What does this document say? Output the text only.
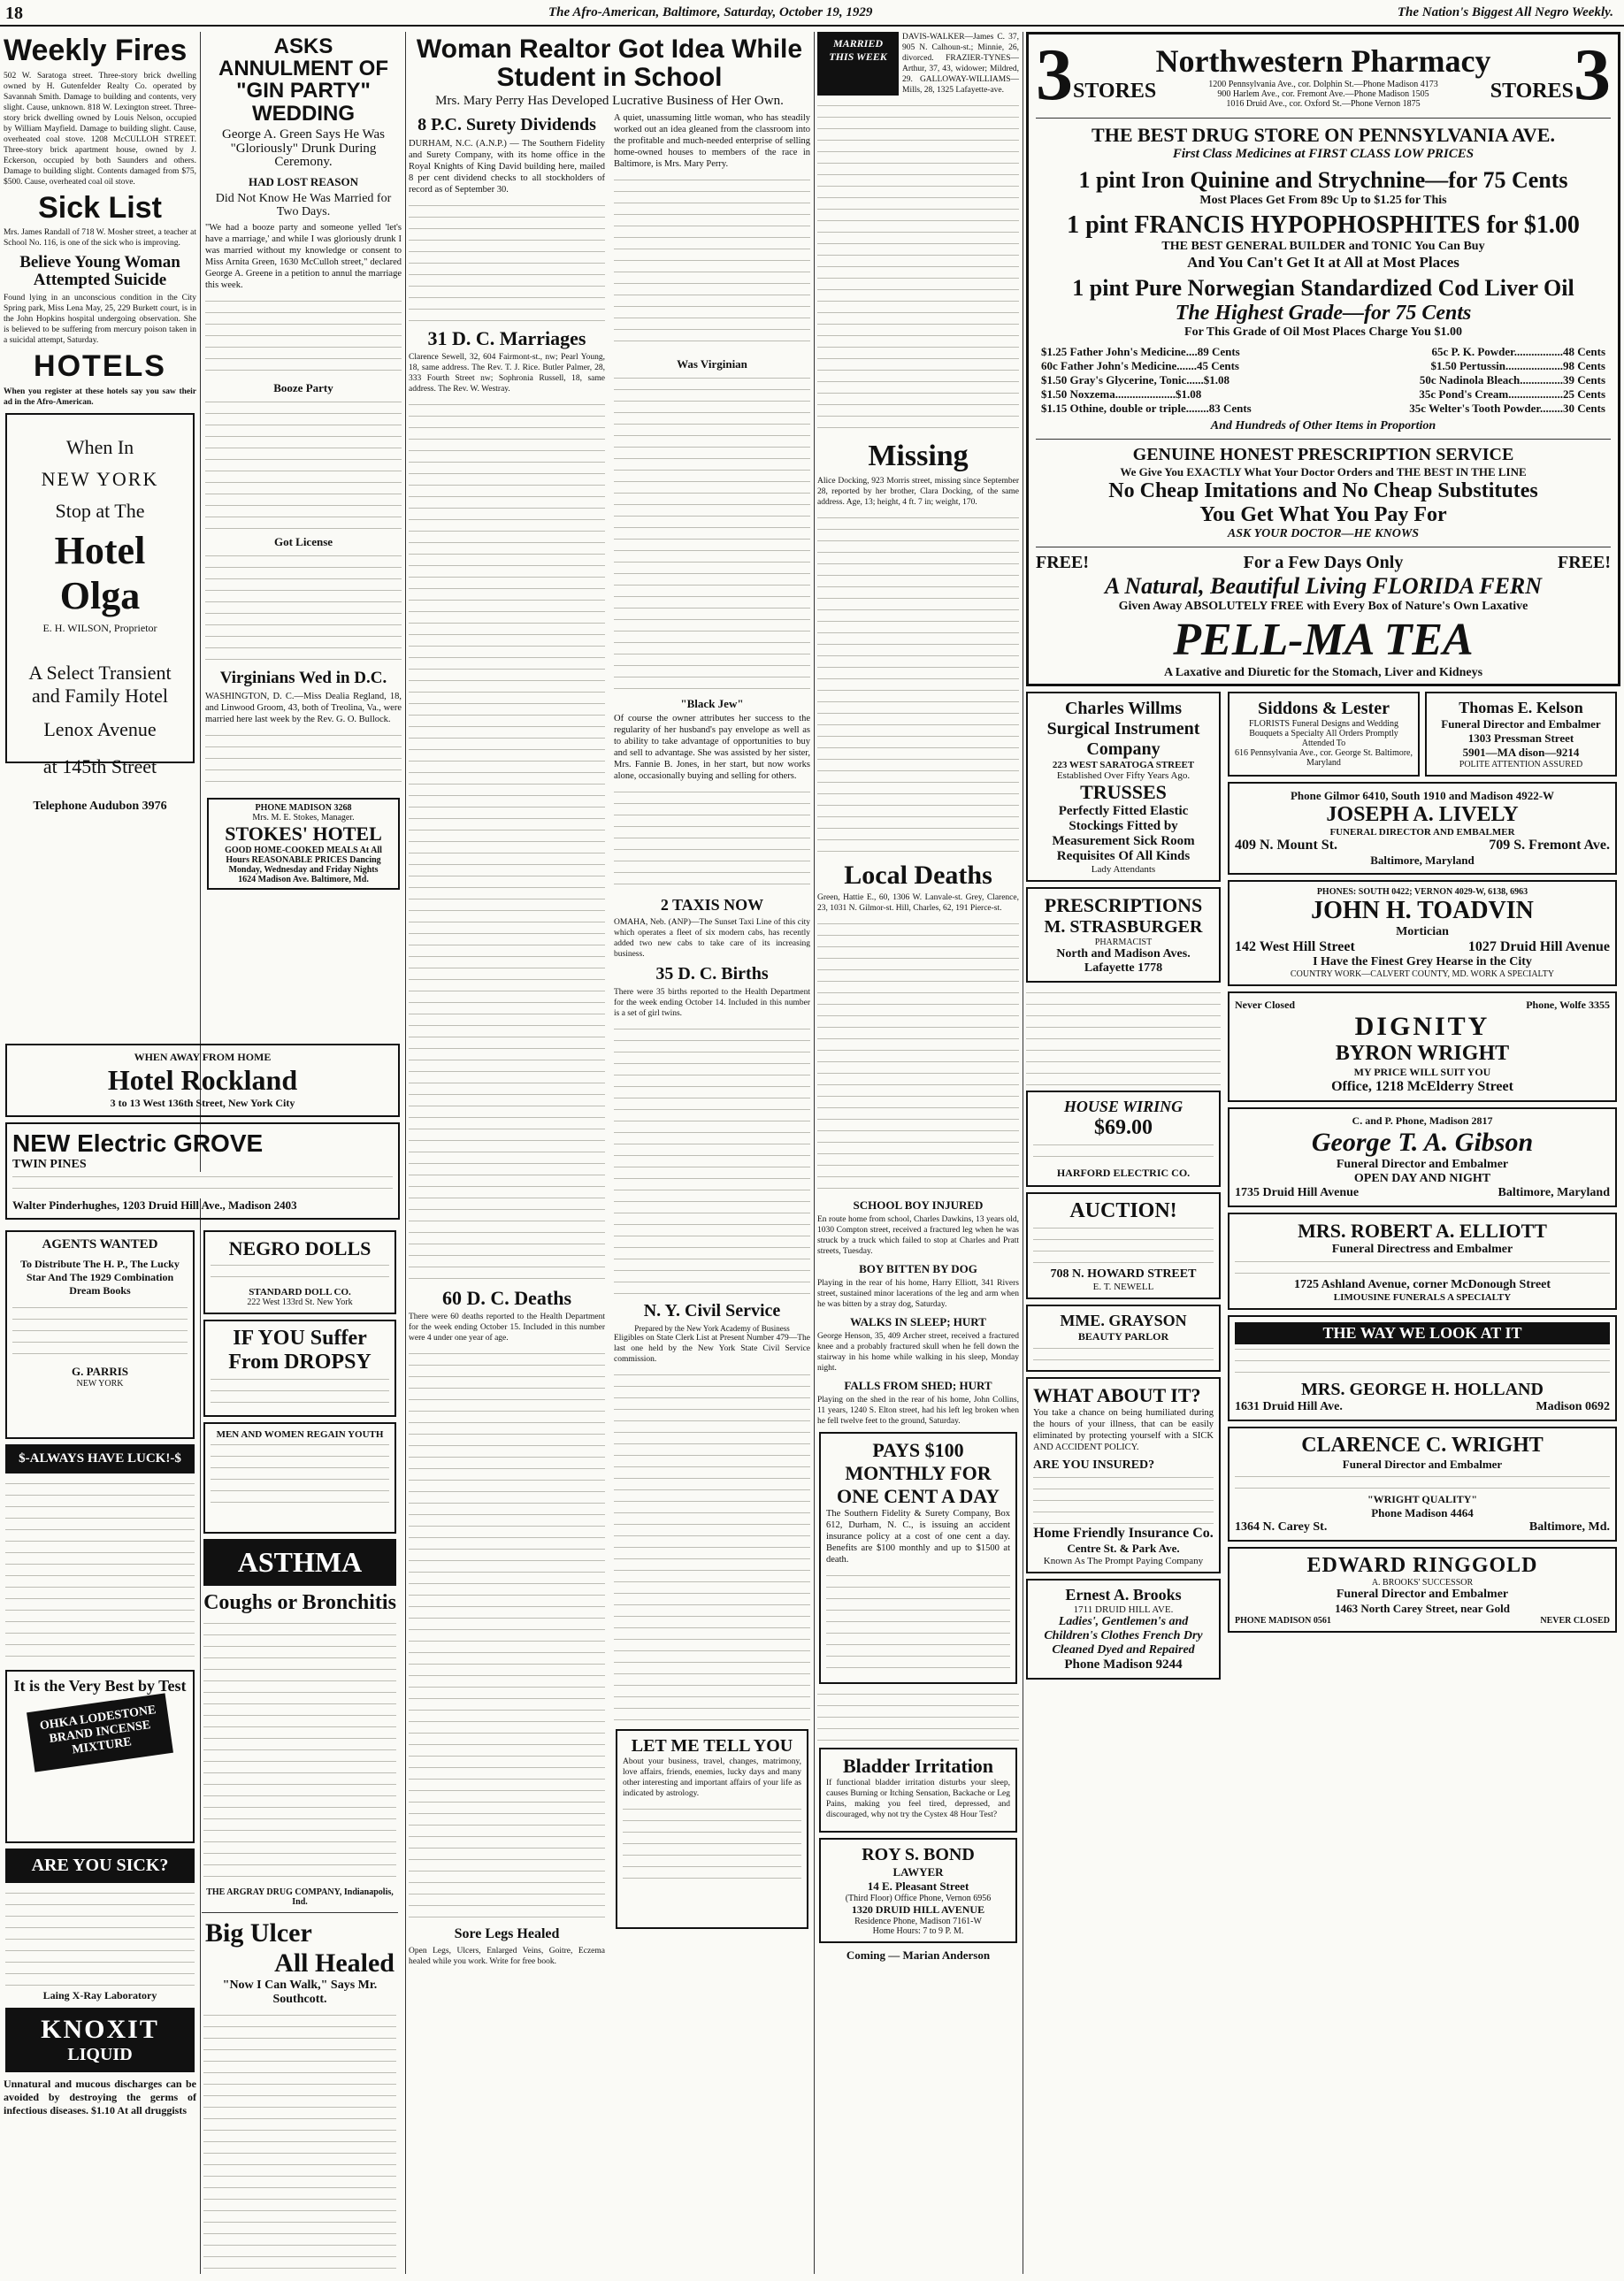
18	The Afro-American, Baltimore, Saturday, October 19, 1929	The Nation's Biggest All Negro Weekly.
Weekly Fires

502 W. Saratoga street. Three-story brick dwelling owned by H. Gutenfelder Realty Co. operated by Savannah Smith. Damage to building and contents, very slight. Cause, unknown. 818 W. Lexington street. Three-story brick dwelling owned by Louis Nelson, occupied by William Mayfield. Damage to building slight. Cause, overheated coal stove. 1208 McCULLOH STREET. Three-story brick apartment house, owned by J. Eckerson, occupied by both Saunders and others. Damage to building slight. Contents damaged from $75, $500. Cause, overheated coal oil stove.

Sick List

Mrs. James Randall of 718 W. Mosher street, a teacher at School No. 116, is one of the sick who is improving.

Believe Young Woman Attempted Suicide

Found lying in an unconscious condition in the City Spring park, Miss Lena May, 25, 229 Burkett court, is in the John Hopkins hospital undergoing observation. She is believed to be suffering from mercury poison taken in a suicidal attempt, Saturday.

HOTELS

When you register at these hotels say you saw their ad in the Afro-American.

When In
NEW YORK
Stop at The
Hotel Olga
E. H. WILSON, Proprietor
A Select Transient and Family Hotel
Lenox Avenue
at 145th Street
Telephone Audubon 3976
ASKS ANNULMENT OF "GIN PARTY" WEDDING
George A. Green Says He Was "Gloriously" Drunk During Ceremony.
HAD LOST REASON
Did Not Know He Was Married for Two Days.

"We had a booze party and someone yelled 'let's have a marriage,' and while I was gloriously drunk I was married without my knowledge or consent to Miss Arnita Green, 1630 McCulloh street," declared George A. Greene in a petition to annul the marriage this week.

Booze Party
Got License
Virginians Wed in D.C.

WASHINGTON, D. C.—Miss Dealia Regland, 18, and Linwood Groom, 43, both of Treolina, Va., were married here last week by the Rev. G. O. Bullock.

PHONE MADISON 3268
Mrs. M. E. Stokes, Manager.
STOKES' HOTEL
GOOD HOME-COOKED MEALS At All Hours REASONABLE PRICES Dancing Monday, Wednesday and Friday Nights
1624 Madison Ave. Baltimore, Md.
WHEN AWAY FROM HOME
Hotel Rockland
3 to 13 West 136th Street, New York City
NEW Electric GROVE
TWIN PINES
Walter Pinderhughes, 1203 Druid Hill Ave., Madison 2403
AGENTS WANTED
To Distribute The H. P., The Lucky Star And The 1929 Combination Dream Books
G. PARRIS
NEW YORK
$-ALWAYS HAVE LUCK!-$
It is the Very Best by Test
OHKA LODESTONE BRAND INCENSE MIXTURE
ARE YOU SICK?
Laing X-Ray Laboratory
KNOXIT
LIQUID

Unnatural and mucous discharges can be avoided by destroying the germs of infectious diseases. $1.10 At all druggists

NEGRO DOLLS
STANDARD DOLL CO.
222 West 133rd St. New York
IF YOU Suffer From DROPSY
MEN AND WOMEN REGAIN YOUTH
ASTHMA
Coughs or Bronchitis
THE ARGRAY DRUG COMPANY, Indianapolis, Ind.
Big Ulcer
All Healed
"Now I Can Walk," Says Mr. Southcott.
Woman Realtor Got Idea While Student in School
Mrs. Mary Perry Has Developed Lucrative Business of Her Own.
8 P.C. Surety Dividends

DURHAM, N.C. (A.N.P.) — The Southern Fidelity and Surety Company, with its home office in the Royal Knights of King David building here, mailed 8 per cent dividend checks to all stockholders of record as of September 30.

31 D. C. Marriages

Clarence Sewell, 32, 604 Fairmont-st., nw; Pearl Young, 18, same address. The Rev. T. J. Rice. Butler Palmer, 28, 333 Fourth Street nw; Sophronia Russell, 18, same address. The Rev. W. Westray.

60 D. C. Deaths

There were 60 deaths reported to the Health Department for the week ending October 15. Included in this number were 4 under one year of age.

Sore Legs Healed

Open Legs, Ulcers, Enlarged Veins, Goitre, Eczema healed while you work. Write for free book.

A quiet, unassuming little woman, who has steadily worked out an idea gleaned from the classroom into the profitable and much-needed enterprise of selling home-owned houses to members of the race in Baltimore, is Mrs. Mary Perry.

Was Virginian
"Black Jew"

Of course the owner attributes her success to the regularity of her husband's pay envelope as well as to ability to take advantage of opportunities to buy and sell to advantage. She was assisted by her sister, Mrs. Fannie B. Jones, in her start, but now works alone, occasionally buying and selling for others.

2 TAXIS NOW

OMAHA, Neb. (ANP)—The Sunset Taxi Line of this city which operates a fleet of six modern cabs, has recently added two new cabs to take care of its increasing business.

35 D. C. Births

There were 35 births reported to the Health Department for the week ending October 14. Included in this number is a set of girl twins.

N. Y. Civil Service
Prepared by the New York Academy of Business

Eligibles on State Clerk List at Present Number 479—The last one held by the New York State Civil Service commission.

LET ME TELL YOU

About your business, travel, changes, matrimony, love affairs, friends, enemies, lucky days and many other interesting and important affairs of your life as indicated by astrology.

MARRIED THIS WEEK

DAVIS-WALKER—James C. 37, 905 N. Calhoun-st.; Minnie, 26, divorced. FRAZIER-TYNES—Arthur, 37, 43, widower; Mildred, 29. GALLOWAY-WILLIAMS—Mills, 28, 1325 Lafayette-ave.

Missing

Alice Docking, 923 Morris street, missing since September 28, reported by her brother, Clara Docking, of the same address. Age, 13; height, 4 ft. 7 in; weight, 170.

Local Deaths

Green, Hattie E., 60, 1306 W. Lanvale-st. Grey, Clarence, 23, 1031 N. Gilmor-st. Hill, Charles, 62, 191 Pierce-st.

SCHOOL BOY INJURED

En route home from school, Charles Dawkins, 13 years old, 1030 Compton street, received a fractured leg when he was struck by a truck which failed to stop at Charles and Pratt streets, Tuesday.

BOY BITTEN BY DOG

Playing in the rear of his home, Harry Elliott, 341 Rivers street, sustained minor lacerations of the leg and arm when he was bitten by a stray dog, Saturday.

WALKS IN SLEEP; HURT

George Henson, 35, 409 Archer street, received a fractured knee and a probably fractured skull when he fell down the stairway in his home while walking in his sleep, Monday night.

FALLS FROM SHED; HURT

Playing on the shed in the rear of his home, John Collins, 11 years, 1240 S. Elton street, had his left leg broken when he fell twelve feet to the ground, Saturday.

PAYS $100 MONTHLY FOR ONE CENT A DAY

The Southern Fidelity & Surety Company, Box 612, Durham, N. C., is issuing an accident insurance policy at a cost of one cent a day. Benefits are $100 monthly and up to $1500 at death.

Bladder Irritation

If functional bladder irritation disturbs your sleep, causes Burning or Itching Sensation, Backache or Leg Pains, making you feel tired, depressed, and discouraged, why not try the Cystex 48 Hour Test?

ROY S. BOND
LAWYER
14 E. Pleasant Street
(Third Floor) Office Phone, Vernon 6956
1320 DRUID HILL AVENUE
Residence Phone, Madison 7161-W
Home Hours: 7 to 9 P. M.
Coming — Marian Anderson
3	Northwestern Pharmacy
STORES	1200 Pennsylvania Ave., cor. Dolphin St.—Phone Madison 4173
900 Harlem Ave., cor. Fremont Ave.—Phone Madison 1505
1016 Druid Ave., cor. Oxford St.—Phone Vernon 1875
STORES 3
THE BEST DRUG STORE ON PENNSYLVANIA AVE.
First Class Medicines at FIRST CLASS LOW PRICES
1 pint Iron Quinine and Strychnine—for 75 Cents
Most Places Get From 89c Up to $1.25 for This
1 pint FRANCIS HYPOPHOSPHITES for $1.00
THE BEST GENERAL BUILDER and TONIC You Can Buy
And You Can't Get It at All at Most Places
1 pint Pure Norwegian Standardized Cod Liver Oil
The Highest Grade—for 75 Cents
For This Grade of Oil Most Places Charge You $1.00
$1.25 Father John's Medicine....89 Cents	65c P. K. Powder.................48 Cents
60c Father John's Medicine.......45 Cents	$1.50 Pertussin....................98 Cents
$1.50 Gray's Glycerine, Tonic......$1.08	50c Nadinola Bleach...............39 Cents
$1.50 Noxzema.....................$1.08	35c Pond's Cream...................25 Cents
$1.15 Othine, double or triple........83 Cents	35c Welter's Tooth Powder........30 Cents
And Hundreds of Other Items in Proportion
GENUINE HONEST PRESCRIPTION SERVICE
We Give You EXACTLY What Your Doctor Orders and THE BEST IN THE LINE
No Cheap Imitations and No Cheap Substitutes
You Get What You Pay For
ASK YOUR DOCTOR—HE KNOWS
FREE!	For a Few Days Only	FREE!
A Natural, Beautiful Living FLORIDA FERN
Given Away ABSOLUTELY FREE with Every Box of Nature's Own Laxative
PELL-MA TEA
A Laxative and Diuretic for the Stomach, Liver and Kidneys
Charles Willms Surgical Instrument Company
223 WEST SARATOGA STREET
Established Over Fifty Years Ago.
TRUSSES
Perfectly Fitted Elastic Stockings Fitted by Measurement Sick Room Requisites Of All Kinds
Lady Attendants
PRESCRIPTIONS
M. STRASBURGER
PHARMACIST
North and Madison Aves. Lafayette 1778
HOUSE WIRING
$69.00
HARFORD ELECTRIC CO.
AUCTION!
708 N. HOWARD STREET
E. T. NEWELL
MME. GRAYSON
BEAUTY PARLOR
WHAT ABOUT IT?

You take a chance on being humiliated during the hours of your illness, that can be easily eliminated by protecting yourself with a SICK AND ACCIDENT POLICY.

ARE YOU INSURED?
Home Friendly Insurance Co.
Centre St. & Park Ave.
Known As The Prompt Paying Company
Ernest A. Brooks
1711 DRUID HILL AVE.
Ladies', Gentlemen's and Children's Clothes French Dry Cleaned Dyed and Repaired
Phone Madison 9244
Siddons & Lester
FLORISTS Funeral Designs and Wedding Bouquets a Specialty All Orders Promptly Attended To
616 Pennsylvania Ave., cor. George St. Baltimore, Maryland
Thomas E. Kelson
Funeral Director and Embalmer
1303 Pressman Street
5901—MA dison—9214
POLITE ATTENTION ASSURED
Phone Gilmor 6410, South 1910 and Madison 4922-W
JOSEPH A. LIVELY
FUNERAL DIRECTOR AND EMBALMER
409 N. Mount St.	709 S. Fremont Ave.
Baltimore, Maryland
PHONES: SOUTH 0422; VERNON 4029-W, 6138, 6963
JOHN H. TOADVIN
Mortician
142 West Hill Street	1027 Druid Hill Avenue
I Have the Finest Grey Hearse in the City
COUNTRY WORK—CALVERT COUNTY, MD. WORK A SPECIALTY
Never Closed	Phone, Wolfe 3355
DIGNITY
BYRON WRIGHT
MY PRICE WILL SUIT YOU
Office, 1218 McElderry Street
C. and P. Phone, Madison 2817
George T. A. Gibson
Funeral Director and Embalmer
OPEN DAY AND NIGHT
1735 Druid Hill Avenue	Baltimore, Maryland
MRS. ROBERT A. ELLIOTT
Funeral Directress and Embalmer
1725 Ashland Avenue, corner McDonough Street
LIMOUSINE FUNERALS A SPECIALTY
THE WAY WE LOOK AT IT
MRS. GEORGE H. HOLLAND
1631 Druid Hill Ave.	Madison 0692
CLARENCE C. WRIGHT
Funeral Director and Embalmer
"WRIGHT QUALITY"
Phone Madison 4464
1364 N. Carey St.	Baltimore, Md.
EDWARD RINGGOLD
A. BROOKS' SUCCESSOR
Funeral Director and Embalmer
1463 North Carey Street, near Gold
PHONE MADISON 0561	NEVER CLOSED
